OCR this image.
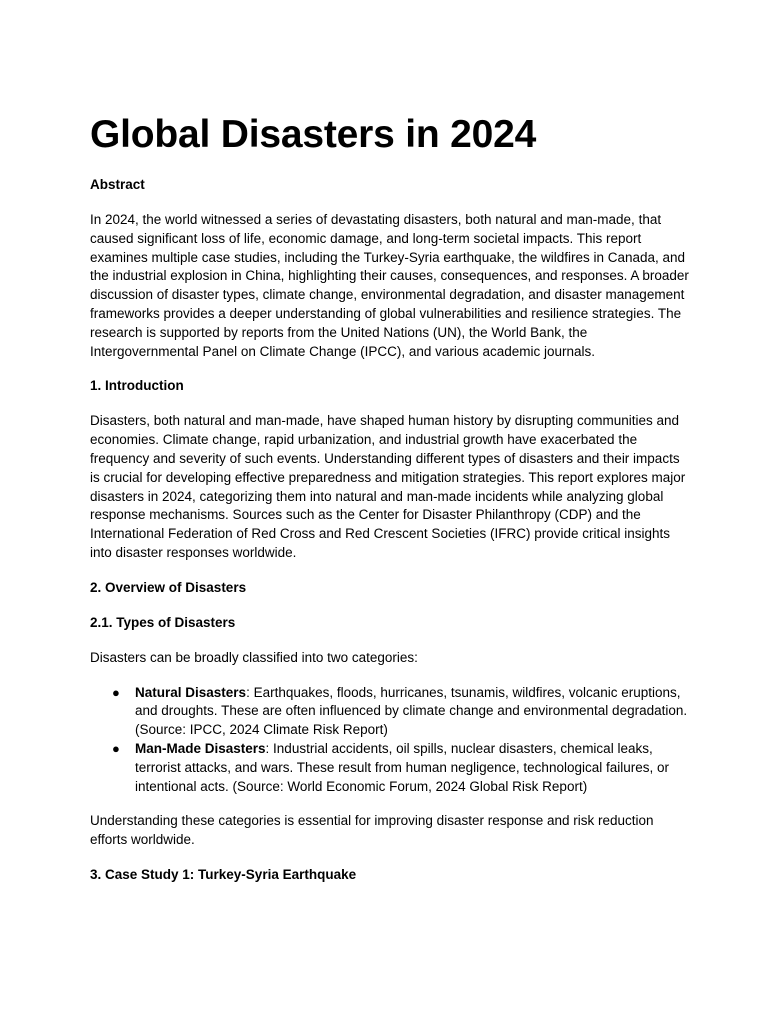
Global Disasters in 2024
Abstract

In 2024, the world witnessed a series of devastating disasters, both natural and man-made, that caused significant loss of life, economic damage, and long-term societal impacts. This report examines multiple case studies, including the Turkey-Syria earthquake, the wildfires in Canada, and the industrial explosion in China, highlighting their causes, consequences, and responses. A broader discussion of disaster types, climate change, environmental degradation, and disaster management frameworks provides a deeper understanding of global vulnerabilities and resilience strategies. The research is supported by reports from the United Nations (UN), the World Bank, the Intergovernmental Panel on Climate Change (IPCC), and various academic journals.

1. Introduction

Disasters, both natural and man-made, have shaped human history by disrupting communities and economies. Climate change, rapid urbanization, and industrial growth have exacerbated the frequency and severity of such events. Understanding different types of disasters and their impacts is crucial for developing effective preparedness and mitigation strategies. This report explores major disasters in 2024, categorizing them into natural and man-made incidents while analyzing global response mechanisms. Sources such as the Center for Disaster Philanthropy (CDP) and the International Federation of Red Cross and Red Crescent Societies (IFRC) provide critical insights into disaster responses worldwide.

2. Overview of Disasters
2.1. Types of Disasters

Disasters can be broadly classified into two categories:

● Natural Disasters: Earthquakes, floods, hurricanes, tsunamis, wildfires, volcanic eruptions, and droughts. These are often influenced by climate change and environmental degradation. (Source: IPCC, 2024 Climate Risk Report)
● Man-Made Disasters: Industrial accidents, oil spills, nuclear disasters, chemical leaks, terrorist attacks, and wars. These result from human negligence, technological failures, or intentional acts. (Source: World Economic Forum, 2024 Global Risk Report)

Understanding these categories is essential for improving disaster response and risk reduction efforts worldwide.

3. Case Study 1: Turkey-Syria Earthquake
